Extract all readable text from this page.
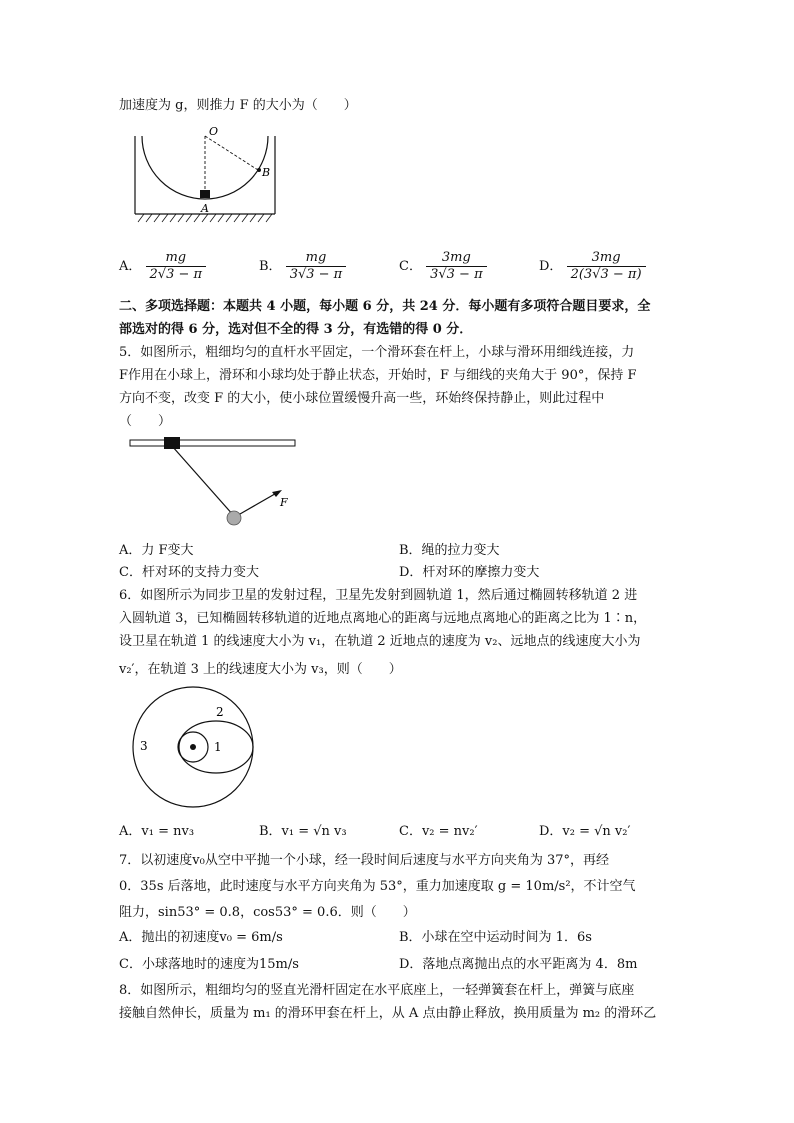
加速度为 g，则推力 F 的大小为（　　）
O
A
B
A． $\frac{mg}{2√3 - \pi}$	B． $\frac{mg}{3√3 - \pi}$	C． $\frac{3mg}{3√3 - \pi}$	D． $\frac{3mg}{2(3√3 - \pi)}$
二、多项选择题：本题共 4 小题，每小题 6 分，共 24 分．每小题有多项符合题目要求，全
部选对的得 6 分，选对但不全的得 3 分，有选错的得 0 分．
5．如图所示，粗细均匀的直杆水平固定，一个滑环套在杆上，小球与滑环用细线连接，力
F作用在小球上，滑环和小球均处于静止状态，开始时，F 与细线的夹角大于 90°，保持 F
方向不变，改变 F 的大小，使小球位置缓慢升高一些，环始终保持静止，则此过程中
（　　）
F
A．力 F变大	B．绳的拉力变大
C．杆对环的支持力变大	D．杆对环的摩擦力变大
6．如图所示为同步卫星的发射过程，卫星先发射到圆轨道 1，然后通过椭圆转移轨道 2 进
入圆轨道 3，已知椭圆转移轨道的近地点离地心的距离与远地点离地心的距离之比为 1∶n，
设卫星在轨道 1 的线速度大小为 v₁，在轨道 2 近地点的速度为 v₂、远地点的线速度大小为
v₂′，在轨道 3 上的线速度大小为 v₃，则（　　）
1
2
3
A．v₁ = nv₃	B．v₁ = √n v₃	C．v₂ = nv₂′	D．v₂ = √n v₂′
7．以初速度v₀从空中平抛一个小球，经一段时间后速度与水平方向夹角为 37°，再经
0．35s 后落地，此时速度与水平方向夹角为 53°，重力加速度取 g = 10m/s²，不计空气
阻力，sin53° = 0.8，cos53° = 0.6．则（　　）
A．抛出的初速度v₀ = 6m/s	B．小球在空中运动时间为 1．6s
C．小球落地时的速度为15m/s	D．落地点离抛出点的水平距离为 4．8m
8．如图所示，粗细均匀的竖直光滑杆固定在水平底座上，一轻弹簧套在杆上，弹簧与底座
接触自然伸长，质量为 m₁ 的滑环甲套在杆上，从 A 点由静止释放，换用质量为 m₂ 的滑环乙
